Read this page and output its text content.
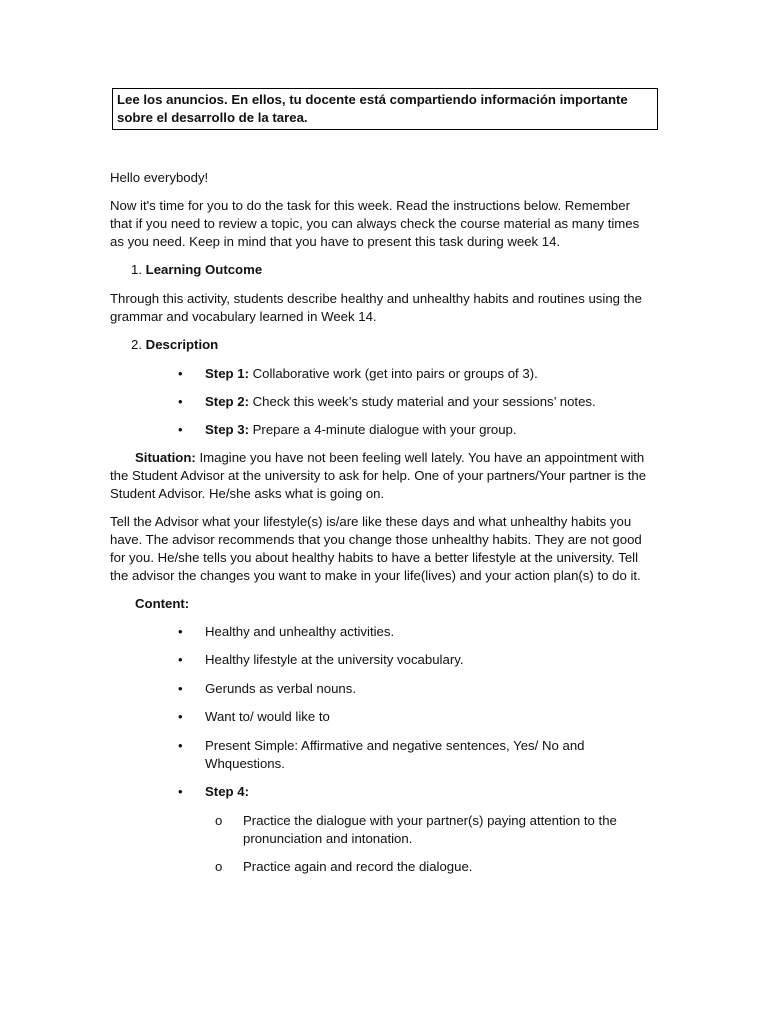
Lee los anuncios. En ellos, tu docente está compartiendo información importante sobre el desarrollo de la tarea.
Hello everybody!
Now it's time for you to do the task for this week. Read the instructions below. Remember that if you need to review a topic, you can always check the course material as many times as you need. Keep in mind that you have to present this task during week 14.
1. Learning Outcome
Through this activity, students describe healthy and unhealthy habits and routines using the grammar and vocabulary learned in Week 14.
2. Description
•	Step 1: Collaborative work (get into pairs or groups of 3).
•	Step 2: Check this week’s study material and your sessions’ notes.
•	Step 3: Prepare a 4-minute dialogue with your group.
Situation: Imagine you have not been feeling well lately. You have an appointment with the Student Advisor at the university to ask for help. One of your partners/Your partner is the Student Advisor. He/she asks what is going on.
Tell the Advisor what your lifestyle(s) is/are like these days and what unhealthy habits you have. The advisor recommends that you change those unhealthy habits. They are not good for you. He/she tells you about healthy habits to have a better lifestyle at the university. Tell the advisor the changes you want to make in your life(lives) and your action plan(s) to do it.
Content:
•	Healthy and unhealthy activities.
•	Healthy lifestyle at the university vocabulary.
•	Gerunds as verbal nouns.
•	Want to/ would like to
•	Present Simple: Affirmative and negative sentences, Yes/ No and Whquestions.
•	Step 4:
o Practice the dialogue with your partner(s) paying attention to the pronunciation and intonation.
o Practice again and record the dialogue.
